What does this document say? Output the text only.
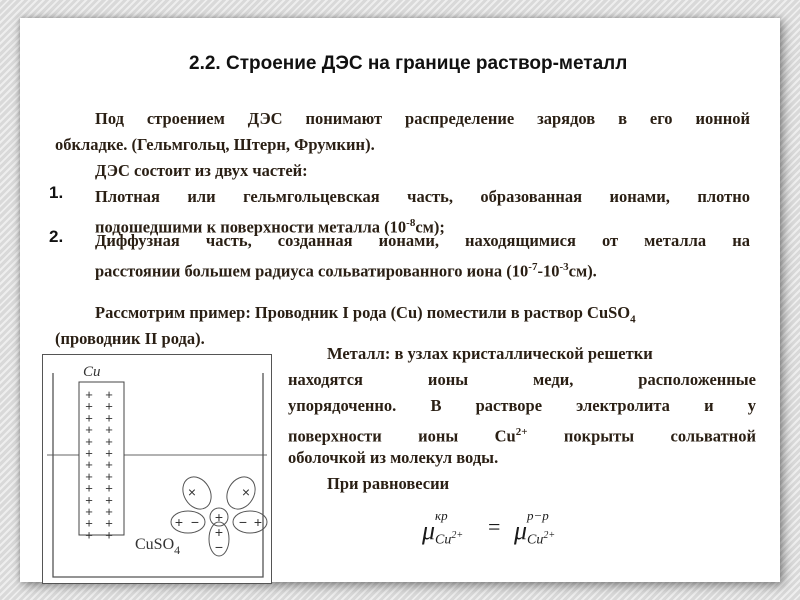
2.2. Строение ДЭС на границе раствор-металл
Под строением ДЭС понимают распределение зарядов в его ионной
обкладке. (Гельмгольц, Штерн, Фрумкин).
ДЭС состоит из двух частей:
1. Плотная или гельмгольцевская часть, образованная ионами, плотно
подошедшими к поверхности металла $(10^{-8}см)$;
2. Диффузная часть, созданная ионами, находящимися от металла на
расстоянии большем радиуса сольватированного иона $(10^{-7}-10^{-3}см)$.
Рассмотрим пример: Проводник I рода (Cu) поместили в раствор CuSO$_4$
(проводник II рода).
Металл: в узлах кристаллической решетки
находятся ионы меди, расположенные
упорядоченно. В растворе электролита и у
поверхности ионы $Cu^{2+}$ покрыты сольватной
оболочкой из молекул воды.
При равновесии
+ +
+ +
+ +
+ +
+ +
+ +
+ +
+ +
+ +
+ +
+ +
+ +
+ +
×	×
+ − + − +
+
−
Cu
CuSO$_4$
μ
кр
$Cu^{2+} = \mu$
p−p
$Cu^{2+}$
